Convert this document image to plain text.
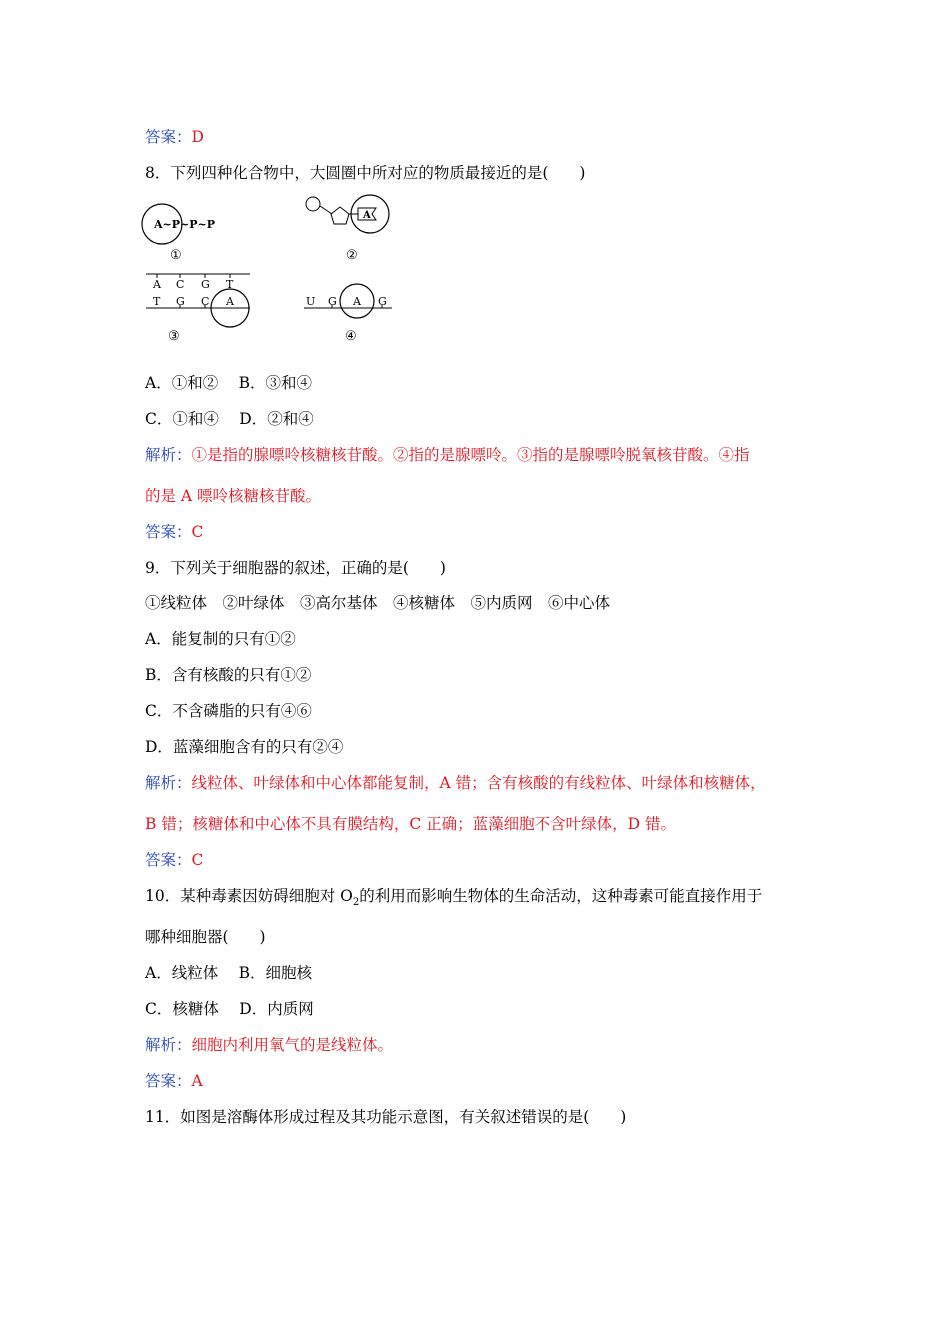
答案：D
8．下列四种化合物中，大圆圈中所对应的物质最接近的是(　　)
A~P~P~P
①
A
②
A C G T
T G C A
③
U G A G
④
A．①和②　 B．③和④
C．①和④　 D．②和④
解析：①是指的腺嘌呤核糖核苷酸。②指的是腺嘌呤。③指的是腺嘌呤脱氧核苷酸。④指
的是 A 嘌呤核糖核苷酸。
答案：C
9．下列关于细胞器的叙述，正确的是(　　)
①线粒体　②叶绿体　③高尔基体　④核糖体　⑤内质网　⑥中心体
A．能复制的只有①②
B．含有核酸的只有①②
C．不含磷脂的只有④⑥
D．蓝藻细胞含有的只有②④
解析：线粒体、叶绿体和中心体都能复制，A 错；含有核酸的有线粒体、叶绿体和核糖体，
B 错；核糖体和中心体不具有膜结构，C 正确；蓝藻细胞不含叶绿体，D 错。
答案：C
10．某种毒素因妨碍细胞对 $O_2$的利用而影响生物体的生命活动，这种毒素可能直接作用于
哪种细胞器(　　)
A．线粒体　 B．细胞核
C．核糖体　 D．内质网
解析：细胞内利用氧气的是线粒体。
答案：A
11．如图是溶酶体形成过程及其功能示意图，有关叙述错误的是(　　)
